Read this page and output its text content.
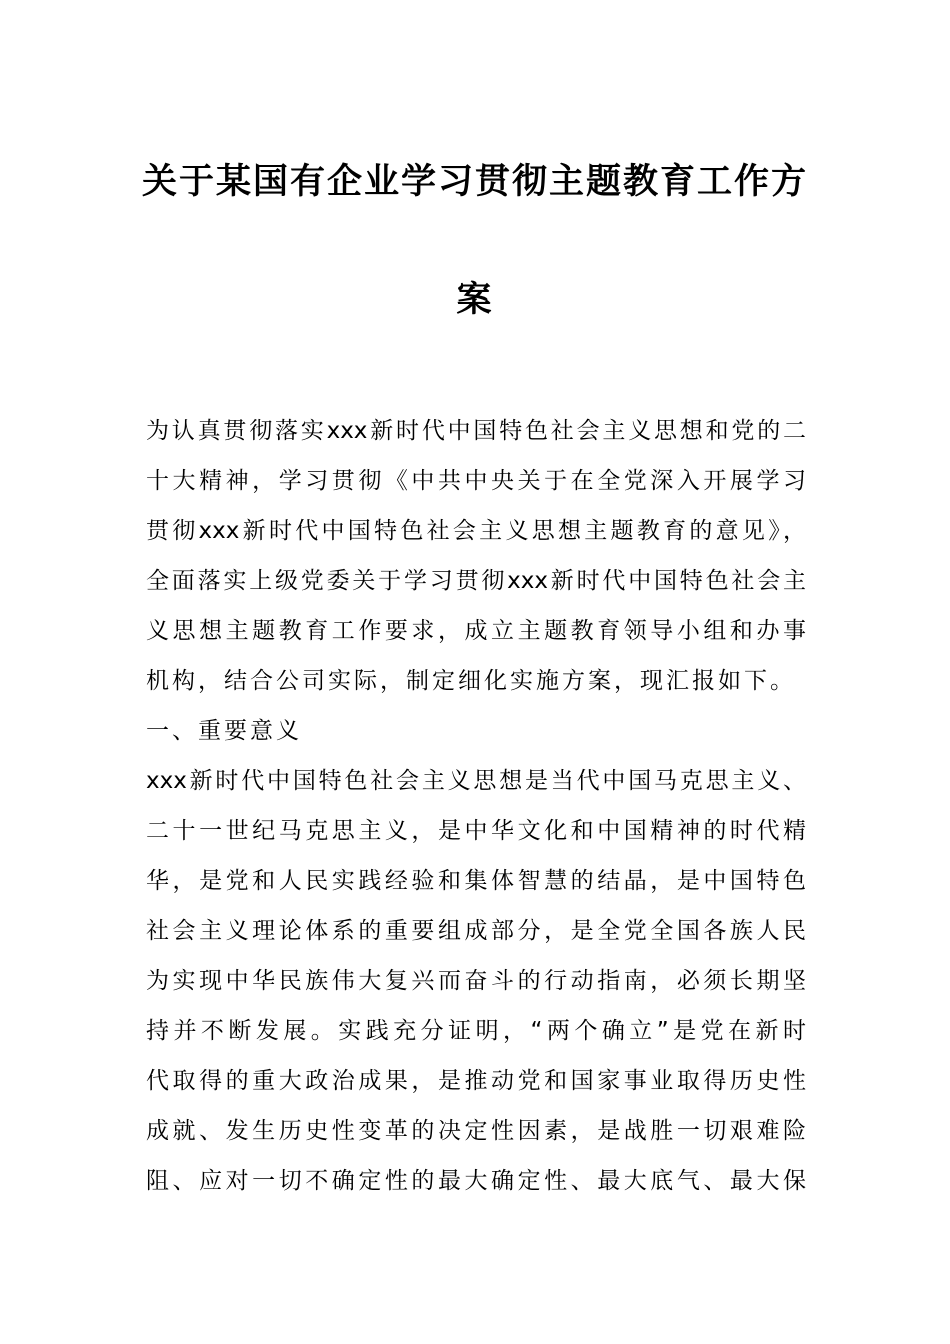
关于某国有企业学习贯彻主题教育工作方
案
为认真贯彻落实xxx新时代中国特色社会主义思想和党的二
十大精神，学习贯彻《中共中央关于在全党深入开展学习
贯彻xxx新时代中国特色社会主义思想主题教育的意见》，
全面落实上级党委关于学习贯彻xxx新时代中国特色社会主
义思想主题教育工作要求，成立主题教育领导小组和办事
机构，结合公司实际，制定细化实施方案，现汇报如下。
一、重要意义
xxx新时代中国特色社会主义思想是当代中国马克思主义、
二十一世纪马克思主义，是中华文化和中国精神的时代精
华，是党和人民实践经验和集体智慧的结晶，是中国特色
社会主义理论体系的重要组成部分，是全党全国各族人民
为实现中华民族伟大复兴而奋斗的行动指南，必须长期坚
持并不断发展。实践充分证明，“两个确立”是党在新时
代取得的重大政治成果，是推动党和国家事业取得历史性
成就、发生历史性变革的决定性因素，是战胜一切艰难险
阻、应对一切不确定性的最大确定性、最大底气、最大保
